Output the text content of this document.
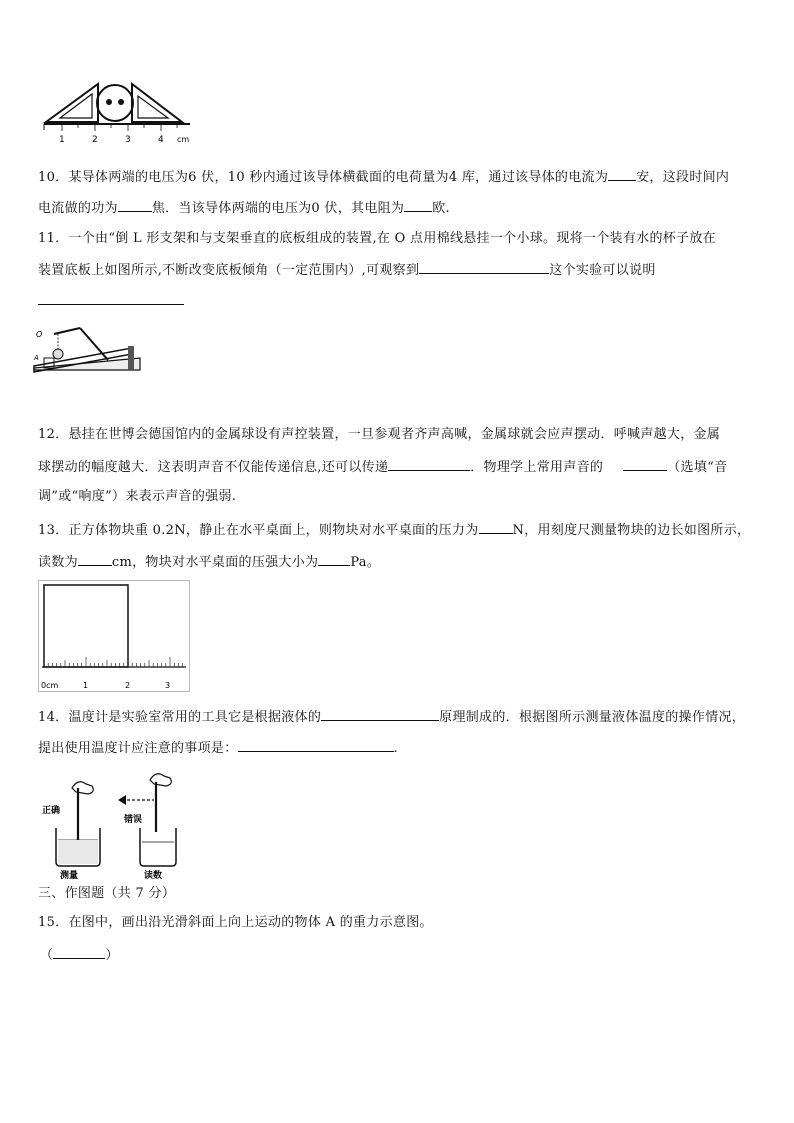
1	2	3	4 cm
10．某导体两端的电压为6 伏，10 秒内通过该导体横截面的电荷量为4 库，通过该导体的电流为 安，这段时间内
电流做的功为	焦．当该导体两端的电压为0 伏，其电阻为 欧.
11．一个由“倒 L 形支架和与支架垂直的底板组成的装置,在 O 点用棉线悬挂一个小球。现将一个装有水的杯子放在
装置底板上如图所示,不断改变底板倾角（一定范围内）,可观察到	这个实验可以说明
O
A
12．悬挂在世博会德国馆内的金属球设有声控装置，一旦参观者齐声高喊，金属球就会应声摆动．呼喊声越大，金属
球摆动的幅度越大．这表明声音不仅能传递信息,还可以传递	．物理学上常用声音的	（选填“音
调”或“响度”）来表示声音的强弱.
13．正方体物块重 0.2N，静止在水平桌面上，则物块对水平桌面的压力为	N，用刻度尺测量物块的边长如图所示，
读数为	cm，物块对水平桌面的压强大小为 Pa。
0cm	1	2	3
14．温度计是实验室常用的工具它是根据液体的	原理制成的．根据图所示测量液体温度的操作情况，
提出使用温度计应注意的事项是：	.
正确
测量
错误
读数
三、作图题（共 7 分）
15．在图中，画出沿光滑斜面上向上运动的物体 A 的重力示意图。
（	）
